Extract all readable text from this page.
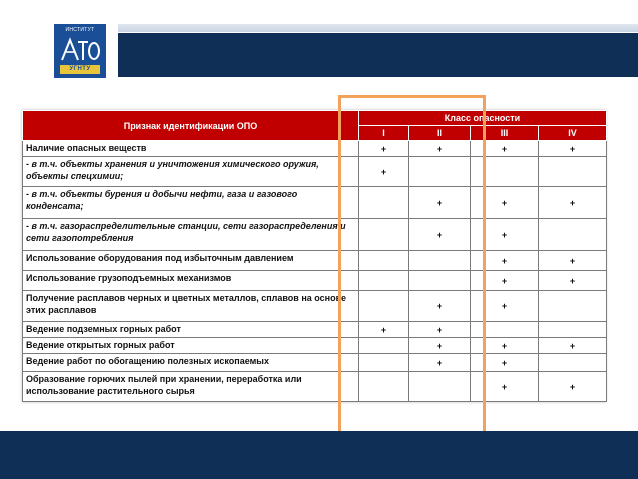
ИНСТИТУТ
АТО
УГНТУ
Признак идентификации ОПО	Класс опасности			
	I	II	III	IV
Наличие опасных веществ	+	+	+	+
- в т.ч. объекты хранения и уничтожения химического оружия, объекты спецхимии;	+			
- в т.ч. объекты бурения и добычи нефти, газа и газового конденсата;		+	+	+
- в т.ч. газораспределительные станции, сети газораспределения и сети газопотребления		+	+	
Использование оборудования под избыточным давлением			+	+
Использование грузоподъемных механизмов			+	+
Получение расплавов черных и цветных металлов, сплавов на основе этих расплавов		+	+	
Ведение подземных горных работ	+	+		
Ведение открытых горных работ		+	+	+
Ведение работ по обогащению полезных ископаемых		+	+	
Образование горючих пылей при хранении, переработка или использование растительного сырья			+	+
